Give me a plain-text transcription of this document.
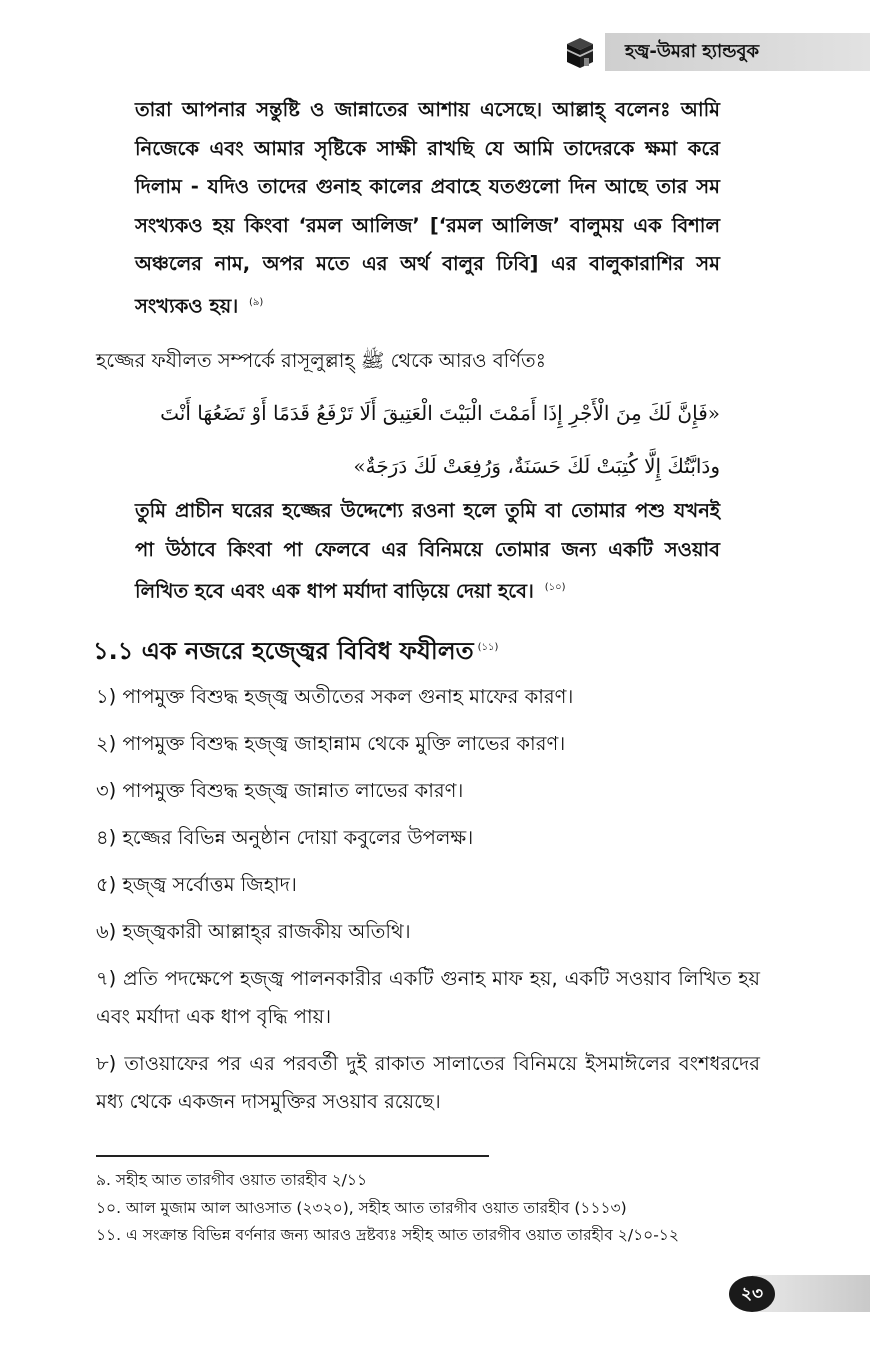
হজ্ব-উমরা হ্যান্ডবুক

তারা আপনার সন্তুষ্টি ও জান্নাতের আশায় এসেছে। আল্লাহ্‌ বলেনঃ আমি নিজেকে এবং আমার সৃষ্টিকে সাক্ষী রাখছি যে আমি তাদেরকে ক্ষমা করে দিলাম - যদিও তাদের গুনাহ কালের প্রবাহে যতগুলো দিন আছে তার সম সংখ্যকও হয় কিংবা ‘রমল আলিজ’ [‘রমল আলিজ’ বালুময় এক বিশাল অঞ্চলের নাম, অপর মতে এর অর্থ বালুর ঢিবি] এর বালুকারাশির সম সংখ্যকও হয়। $^{(৯)}$

হজ্জের ফযীলত সম্পর্কে রাসূলুল্লাহ্‌ ﷺ থেকে আরও বর্ণিতঃ

«فَإِنَّ لَكَ مِنَ الْأَجْرِ إِذَا أَمَمْتَ الْبَيْتَ الْعَتِيقَ أَلَا تَرْفَعُ قَدَمًا أَوْ تَضَعُهَا أَنْتَ
ودَابَّتُكَ إِلَّا كُتِبَتْ لَكَ حَسَنَةٌ، وَرُفِعَتْ لَكَ دَرَجَةٌ»

তুমি প্রাচীন ঘরের হজ্জের উদ্দেশ্যে রওনা হলে তুমি বা তোমার পশু যখনই পা উঠাবে কিংবা পা ফেলবে এর বিনিময়ে তোমার জন্য একটি সওয়াব লিখিত হবে এবং এক ধাপ মর্যাদা বাড়িয়ে দেয়া হবে। $^{(১০)}$

১.১ এক নজরে হজ্জ্বের বিবিধ ফযীলত $^{(১১)}$
১) পাপমুক্ত বিশুদ্ধ হজ্জ্ব অতীতের সকল গুনাহ মাফের কারণ।
২) পাপমুক্ত বিশুদ্ধ হজ্জ্ব জাহান্নাম থেকে মুক্তি লাভের কারণ।
৩) পাপমুক্ত বিশুদ্ধ হজ্জ্ব জান্নাত লাভের কারণ।
৪) হজ্জের বিভিন্ন অনুষ্ঠান দোয়া কবুলের উপলক্ষ।
৫) হজ্জ্ব সর্বোত্তম জিহাদ।
৬) হজ্জ্বকারী আল্লাহ্‌র রাজকীয় অতিথি।
৭) প্রতি পদক্ষেপে হজ্জ্ব পালনকারীর একটি গুনাহ মাফ হয়, একটি সওয়াব লিখিত হয় এবং মর্যাদা এক ধাপ বৃদ্ধি পায়।
৮) তাওয়াফের পর এর পরবর্তী দুই রাকাত সালাতের বিনিময়ে ইসমাঈলের বংশধরদের মধ্য থেকে একজন দাসমুক্তির সওয়াব রয়েছে।
৯. সহীহ আত তারগীব ওয়াত তারহীব ২/১১
১০. আল মুজাম আল আওসাত (২৩২০), সহীহ আত তারগীব ওয়াত তারহীব (১১১৩)
১১. এ সংক্রান্ত বিভিন্ন বর্ণনার জন্য আরও দ্রষ্টব্যঃ সহীহ আত তারগীব ওয়াত তারহীব ২/১০-১২
২৩
